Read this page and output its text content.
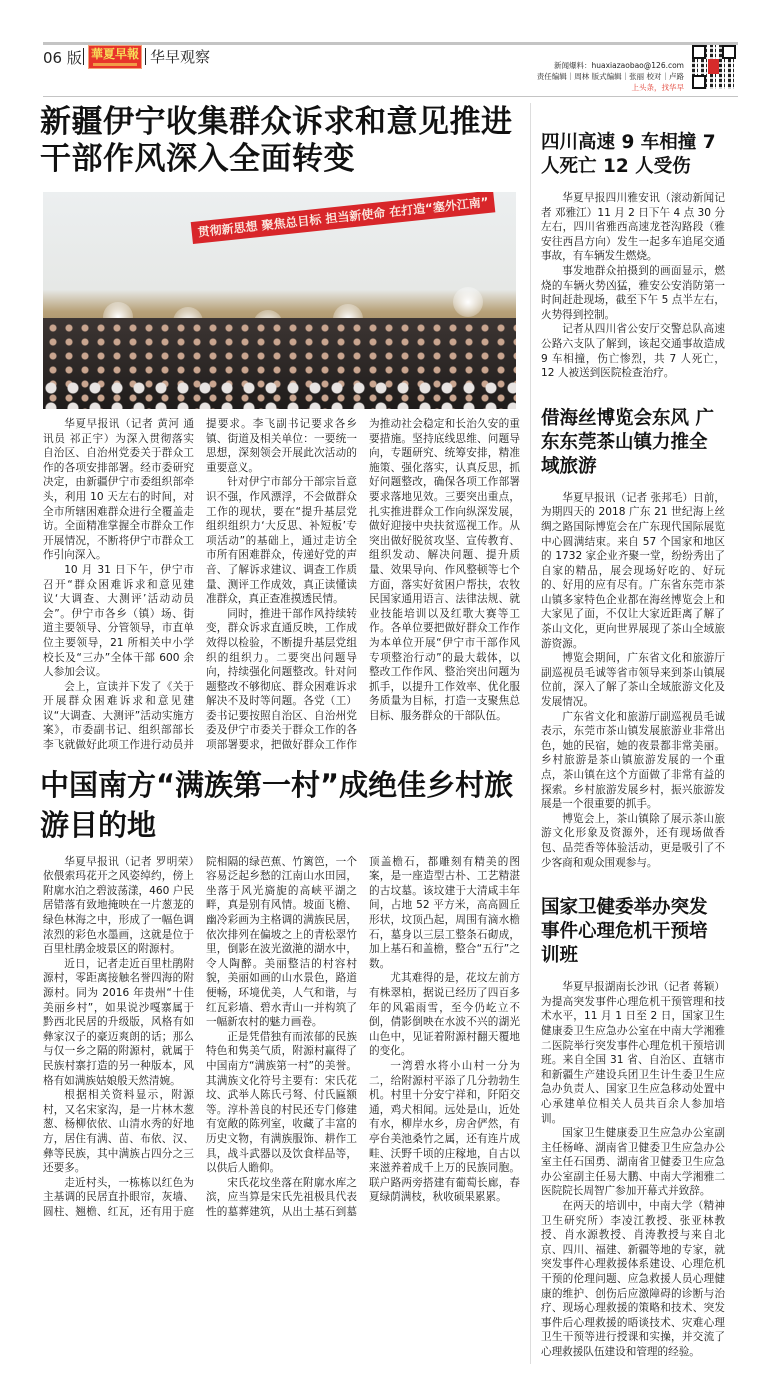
06 版 華夏早報 华早观察	新闻爆料：huaxiazaobao@126.com
责任编辑｜周林 版式编辑｜张丽 校对｜卢路
上头条，找华早
新疆伊宁收集群众诉求和意见推进干部作风深入全面转变
贯彻新思想 聚焦总目标 担当新使命 在打造“塞外江南”

华夏早报讯（记者 黄河 通讯员 祁正宇）为深入贯彻落实自治区、自治州党委关于群众工作的各项安排部署。经市委研究决定，由新疆伊宁市委组织部牵头，利用 10 天左右的时间，对全市所辖困难群众进行全覆盖走访。全面精准掌握全市群众工作开展情况，不断将伊宁市群众工作引向深入。

10 月 31 日下午，伊宁市召开“群众困难诉求和意见建议‘大调查、大测评’活动动员会”。伊宁市各乡（镇）场、街道主要领导、分管领导，市直单位主要领导，21 所相关中小学校长及“三办”全体干部 600 余人参加会议。

会上，宣读并下发了《关于开展群众困难诉求和意见建议“大调查、大测评”活动实施方案》，市委副书记、组织部部长李飞就做好此项工作进行动员并提要求。李飞副书记要求各乡镇、街道及相关单位：一要统一思想，深刻领会开展此次活动的重要意义。

针对伊宁市部分干部宗旨意识不强，作风漂浮，不会做群众工作的现状，要在“提升基层党组织组织力‘大反思、补短板’专项活动”的基础上，通过走访全市所有困难群众，传递好党的声音、了解诉求建议、调查工作质量、测评工作成效，真正读懂读准群众，真正查准摸透民情。

同时，推进干部作风持续转变，群众诉求直通反映，工作成效得以检验，不断提升基层党组织的组织力。二要突出问题导向，持续强化问题整改。针对问题整改不够彻底、群众困难诉求解决不及时等问题。各党（工）委书记要按照自治区、自治州党委及伊宁市委关于群众工作的各项部署要求，把做好群众工作作为推动社会稳定和长治久安的重要措施。坚持底线思维、问题导向，专题研究、统筹安排，精准施策、强化落实，认真反思，抓好问题整改，确保各项工作部署要求落地见效。三要突出重点，扎实推进群众工作向纵深发展，做好迎接中央扶贫巡视工作。从突出做好脱贫攻坚、宣传教育、组织发动、解决问题、提升质量、效果导向、作风整顿等七个方面，落实好贫困户帮扶，农牧民国家通用语言、法律法规、就业技能培训以及红歌大赛等工作。各单位要把做好群众工作作为本单位开展“伊宁市干部作风专项整治行动”的最大载体，以整改工作作风、整治突出问题为抓手，以提升工作效率、优化服务质量为目标，打造一支聚焦总目标、服务群众的干部队伍。

中国南方“满族第一村”成绝佳乡村旅游目的地

华夏早报讯（记者 罗明荣）依偎索玛花开之风姿绰约，傍上附廓水泊之碧波荡漾，460 户民居错落有致地掩映在一片葱茏的绿色林海之中，形成了一幅色调浓烈的彩色水墨画，这就是位于百里杜鹃金坡景区的附源村。

近日，记者走近百里杜鹃附源村，零距离接触名誉四海的附源村。同为 2016 年贵州“十佳美丽乡村”，如果说沙嘎寨属于黔西北民居的升级版，风格有如彝家汉子的豪迈爽朗的话；那么与仅一乡之隔的附源村，就属于民族村寨打造的另一种版本，风格有如满族姑娘般天然清婉。

根据相关资料显示，附源村，又名宋家沟，是一片林木葱葱、杨柳依依、山清水秀的好地方，居住有满、苗、布依、汉、彝等民族，其中满族占四分之三还要多。

走近村头，一栋栋以红色为主基调的民居直扑眼帘，灰墙、圆柱、翘檐、红瓦，还有用于庭院相隔的绿芭蕉、竹篱笆，一个容易泛起乡愁的江南山水田园，坐落于风光旖旎的高峡平湖之畔，真是别有风情。坡面飞檐、幽冷彩画为主格调的满族民居，依次排列在偏坡之上的青松翠竹里，倒影在波光潋滟的湖水中，令人陶醉。美丽整洁的村容村貌，美丽如画的山水景色，路道便畅，环境优美，人气和谐，与红瓦彩墙、碧水青山一并构筑了一幅新农村的魅力画卷。

正是凭借独有而浓郁的民族特色和隽美气质，附源村赢得了中国南方“满族第一村”的美誉。其满族文化符号主要有：宋氏花坟、武举人陈氏弓弩、付氏匾额等。淳朴善良的村民还专门修建有宽敞的陈列室，收藏了丰富的历史文物，有满族服饰、耕作工具，战斗武器以及饮食样品等，以供后人瞻仰。

宋氏花坟坐落在附廓水库之滨，应当算是宋氏先祖极具代表性的墓葬建筑，从出土基石到墓顶盖檐石，都雕刻有精美的图案，是一座造型古朴、工艺精湛的古坟墓。该坟建于大清咸丰年间，占地 52 平方米，高高圆丘形状，坟顶凸起，周围有滴水檐石，墓身以三层工整条石砌成，加上基石和盖檐，整合“五行”之数。

尤其难得的是，花坟左前方有株翠柏，据说已经历了四百多年的风霜雨雪，至今仍屹立不倒，倩影倒映在水波不兴的湖光山色中，见证着附源村翻天覆地的变化。

一湾碧水将小山村一分为二，给附源村平添了几分勃勃生机。村里十分安宁祥和，阡陌交通，鸡犬相闻。远处是山，近处有水，柳岸水乡，房舍俨然，有亭台美池桑竹之属，还有连片成畦、沃野千顷的庄稼地，自古以来滋养着成千上万的民族同胞。联户路两旁搭建有葡萄长廊，春夏绿荫满枝，秋收硕果累累。

四川高速 9 车相撞 7 人死亡 12 人受伤

华夏早报四川雅安讯（滚动新闻记者 邓雅江）11 月 2 日下午 4 点 30 分左右，四川省雅西高速龙苍沟路段（雅安往西昌方向）发生一起多车追尾交通事故，有车辆发生燃烧。

事发地群众拍摄到的画面显示，燃烧的车辆火势凶猛，雅安公安消防第一时间赶赴现场，截至下午 5 点半左右，火势得到控制。

记者从四川省公安厅交警总队高速公路六支队了解到，该起交通事故造成 9 车相撞，伤亡惨烈，共 7 人死亡，12 人被送到医院检查治疗。

借海丝博览会东风 广东东莞茶山镇力推全域旅游

华夏早报讯（记者 张邦毛）日前，为期四天的 2018 广东 21 世纪海上丝绸之路国际博览会在广东现代国际展览中心圆满结束。来自 57 个国家和地区的 1732 家企业齐聚一堂，纷纷秀出了自家的精品，展会现场好吃的、好玩的、好用的应有尽有。广东省东莞市茶山镇多家特色企业都在海丝博览会上和大家见了面，不仅让大家近距离了解了茶山文化，更向世界展现了茶山全域旅游资源。

博览会期间，广东省文化和旅游厅副巡视员毛诚等省市领导来到茶山镇展位前，深入了解了茶山全域旅游文化及发展情况。

广东省文化和旅游厅副巡视员毛诚表示，东莞市茶山镇发展旅游业非常出色，她的民宿，她的夜景都非常美丽。乡村旅游是茶山镇旅游发展的一个重点，茶山镇在这个方面做了非常有益的探索。乡村旅游发展乡村，振兴旅游发展是一个很重要的抓手。

博览会上，茶山镇除了展示茶山旅游文化形象及资源外，还有现场做香包、品莞香等体验活动，更是吸引了不少客商和观众围观参与。

国家卫健委举办突发事件心理危机干预培训班

华夏早报湖南长沙讯（记者 蒋颖）为提高突发事件心理危机干预管理和技术水平，11 月 1 日至 2 日，国家卫生健康委卫生应急办公室在中南大学湘雅二医院举行突发事件心理危机干预培训班。来自全国 31 省、自治区、直辖市和新疆生产建设兵团卫生计生委卫生应急办负责人、国家卫生应急移动处置中心承建单位相关人员共百余人参加培训。

国家卫生健康委卫生应急办公室副主任杨峰、湖南省卫健委卫生应急办公室主任石国勇、湖南省卫健委卫生应急办公室副主任易大鹏、中南大学湘雅二医院院长周智广参加开幕式并致辞。

在两天的培训中，中南大学（精神卫生研究所）李凌江教授、张亚林教授、肖水源教授、肖涛教授与来自北京、四川、福建、新疆等地的专家，就突发事件心理救援体系建设、心理危机干预的伦理问题、应急救援人员心理健康的维护、创伤后应激障碍的诊断与治疗、现场心理救援的策略和技术、突发事件后心理救援的晤谈技术、灾难心理卫生干预等进行授课和实操，并交流了心理救援队伍建设和管理的经验。
